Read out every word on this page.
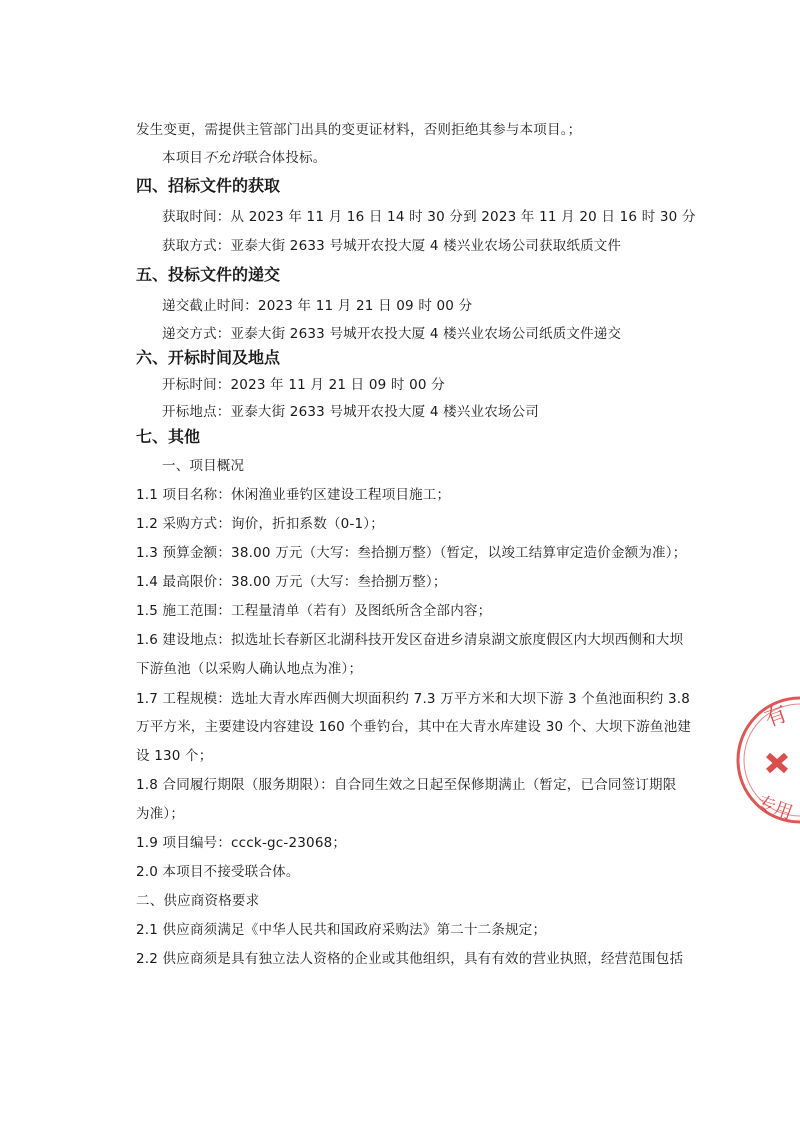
发生变更，需提供主管部门出具的变更证材料，否则拒绝其参与本项目。；
本项目不允许联合体投标。
四、招标文件的获取
获取时间：从 2023 年 11 月 16 日 14 时 30 分到 2023 年 11 月 20 日 16 时 30 分
获取方式：亚泰大街 2633 号城开农投大厦 4 楼兴业农场公司获取纸质文件
五、投标文件的递交
递交截止时间：2023 年 11 月 21 日 09 时 00 分
递交方式：亚泰大街 2633 号城开农投大厦 4 楼兴业农场公司纸质文件递交
六、开标时间及地点
开标时间：2023 年 11 月 21 日 09 时 00 分
开标地点：亚泰大街 2633 号城开农投大厦 4 楼兴业农场公司
七、其他
一、项目概况
1.1 项目名称：休闲渔业垂钓区建设工程项目施工；
1.2 采购方式：询价，折扣系数（0-1）；
1.3 预算金额：38.00 万元（大写：叁拾捌万整）（暂定，以竣工结算审定造价金额为准）；
1.4 最高限价：38.00 万元（大写：叁拾捌万整）；
1.5 施工范围：工程量清单（若有）及图纸所含全部内容；
1.6 建设地点：拟选址长春新区北湖科技开发区奋进乡清泉湖文旅度假区内大坝西侧和大坝
下游鱼池（以采购人确认地点为准）；
1.7 工程规模：选址大青水库西侧大坝面积约 7.3 万平方米和大坝下游 3 个鱼池面积约 3.8
万平方米，主要建设内容建设 160 个垂钓台，其中在大青水库建设 30 个、大坝下游鱼池建
设 130 个；
1.8 合同履行期限（服务期限）：自合同生效之日起至保修期满止（暂定，已合同签订期限
为准）；
1.9 项目编号：ccck-gc-23068；
2.0 本项目不接受联合体。
二、供应商资格要求
2.1 供应商须满足《中华人民共和国政府采购法》第二十二条规定；
2.2 供应商须是具有独立法人资格的企业或其他组织，具有有效的营业执照，经营范围包括
有
专用
